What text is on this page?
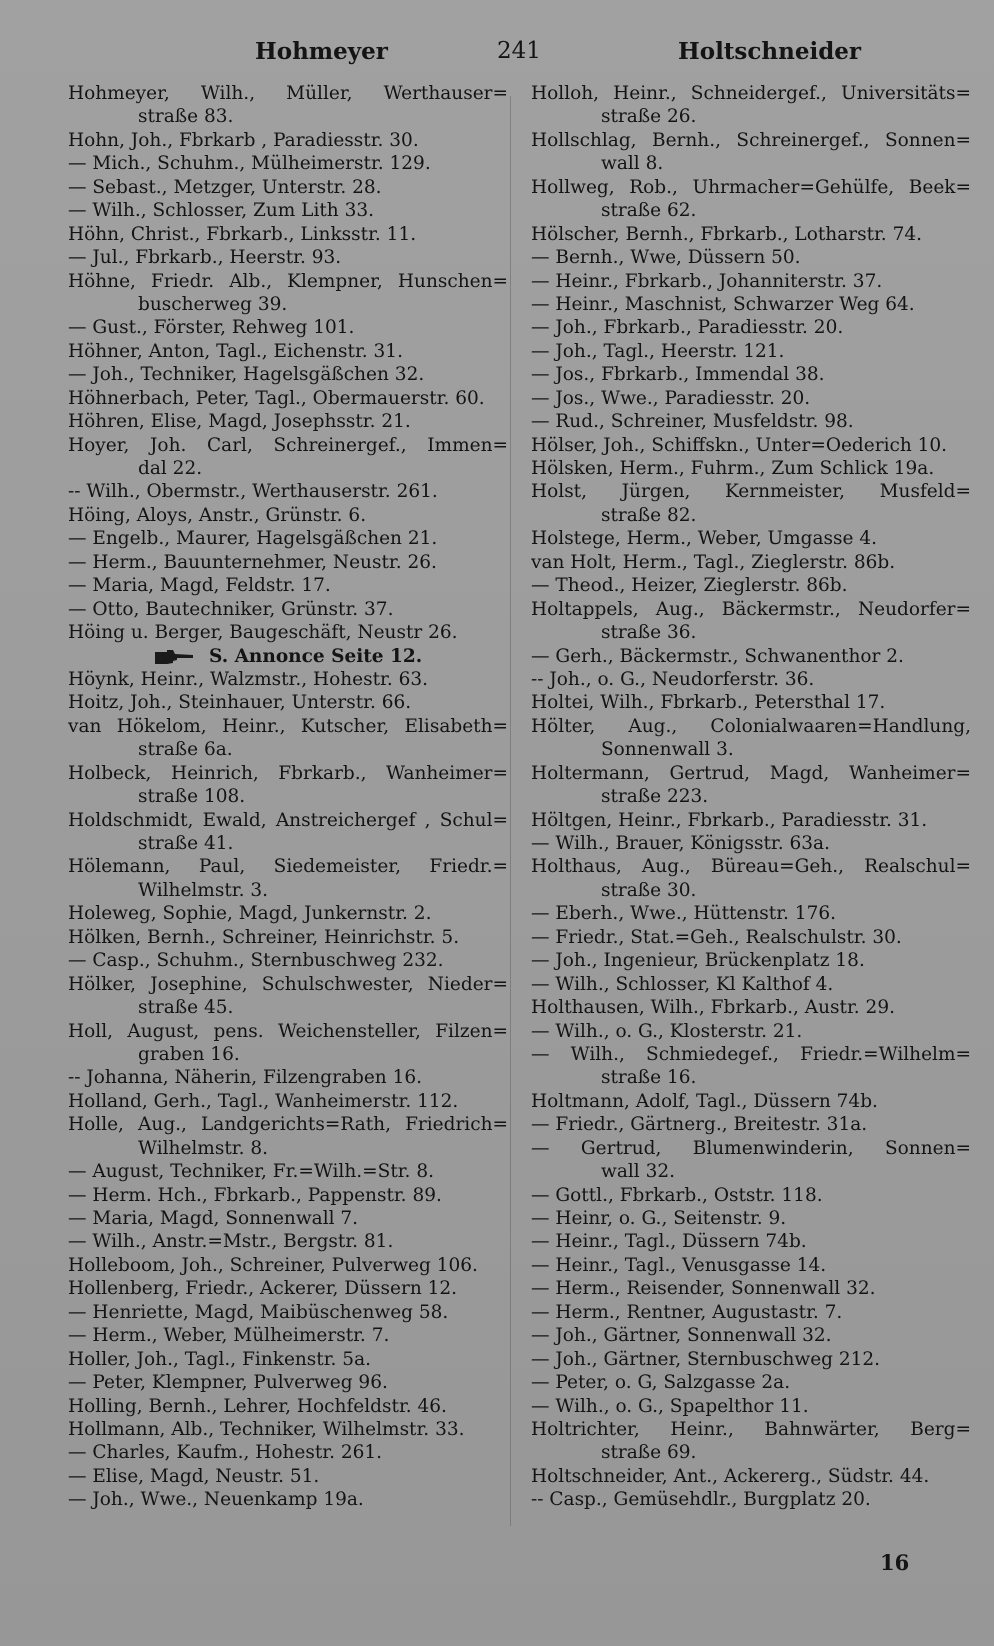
Hohmeyer	241	Holtschneider
Hohmeyer, Wilh., Müller, Werthauser=
straße 83.
Hohn, Joh., Fbrkarb , Paradiesstr. 30.
— Mich., Schuhm., Mülheimerstr. 129.
— Sebast., Metzger, Unterstr. 28.
— Wilh., Schlosser, Zum Lith 33.
Höhn, Christ., Fbrkarb., Linksstr. 11.
— Jul., Fbrkarb., Heerstr. 93.
Höhne, Friedr. Alb., Klempner, Hunschen=
buscherweg 39.
— Gust., Förster, Rehweg 101.
Höhner, Anton, Tagl., Eichenstr. 31.
— Joh., Techniker, Hagelsgäßchen 32.
Höhnerbach, Peter, Tagl., Obermauerstr. 60.
Höhren, Elise, Magd, Josephsstr. 21.
Hoyer, Joh. Carl, Schreinergef., Immen=
dal 22.
-- Wilh., Obermstr., Werthauserstr. 261.
Höing, Aloys, Anstr., Grünstr. 6.
— Engelb., Maurer, Hagelsgäßchen 21.
— Herm., Bauunternehmer, Neustr. 26.
— Maria, Magd, Feldstr. 17.
— Otto, Bautechniker, Grünstr. 37.
Höing u. Berger, Baugeschäft, Neustr 26.
S. Annonce Seite 12.
Höynk, Heinr., Walzmstr., Hohestr. 63.
Hoitz, Joh., Steinhauer, Unterstr. 66.
van Hökelom, Heinr., Kutscher, Elisabeth=
straße 6a.
Holbeck, Heinrich, Fbrkarb., Wanheimer=
straße 108.
Holdschmidt, Ewald, Anstreichergef , Schul=
straße 41.
Hölemann, Paul, Siedemeister, Friedr.=
Wilhelmstr. 3.
Holeweg, Sophie, Magd, Junkernstr. 2.
Hölken, Bernh., Schreiner, Heinrichstr. 5.
— Casp., Schuhm., Sternbuschweg 232.
Hölker, Josephine, Schulschwester, Nieder=
straße 45.
Holl, August, pens. Weichensteller, Filzen=
graben 16.
-- Johanna, Näherin, Filzengraben 16.
Holland, Gerh., Tagl., Wanheimerstr. 112.
Holle, Aug., Landgerichts=Rath, Friedrich=
Wilhelmstr. 8.
— August, Techniker, Fr.=Wilh.=Str. 8.
— Herm. Hch., Fbrkarb., Pappenstr. 89.
— Maria, Magd, Sonnenwall 7.
— Wilh., Anstr.=Mstr., Bergstr. 81.
Holleboom, Joh., Schreiner, Pulverweg 106.
Hollenberg, Friedr., Ackerer, Düssern 12.
— Henriette, Magd, Maibüschenweg 58.
— Herm., Weber, Mülheimerstr. 7.
Holler, Joh., Tagl., Finkenstr. 5a.
— Peter, Klempner, Pulverweg 96.
Holling, Bernh., Lehrer, Hochfeldstr. 46.
Hollmann, Alb., Techniker, Wilhelmstr. 33.
— Charles, Kaufm., Hohestr. 261.
— Elise, Magd, Neustr. 51.
— Joh., Wwe., Neuenkamp 19a.
Holloh, Heinr., Schneidergef., Universitäts=
straße 26.
Hollschlag, Bernh., Schreinergef., Sonnen=
wall 8.
Hollweg, Rob., Uhrmacher=Gehülfe, Beek=
straße 62.
Hölscher, Bernh., Fbrkarb., Lotharstr. 74.
— Bernh., Wwe, Düssern 50.
— Heinr., Fbrkarb., Johanniterstr. 37.
— Heinr., Maschnist, Schwarzer Weg 64.
— Joh., Fbrkarb., Paradiesstr. 20.
— Joh., Tagl., Heerstr. 121.
— Jos., Fbrkarb., Immendal 38.
— Jos., Wwe., Paradiesstr. 20.
— Rud., Schreiner, Musfeldstr. 98.
Hölser, Joh., Schiffskn., Unter=Oederich 10.
Hölsken, Herm., Fuhrm., Zum Schlick 19a.
Holst, Jürgen, Kernmeister, Musfeld=
straße 82.
Holstege, Herm., Weber, Umgasse 4.
van Holt, Herm., Tagl., Zieglerstr. 86b.
— Theod., Heizer, Zieglerstr. 86b.
Holtappels, Aug., Bäckermstr., Neudorfer=
straße 36.
— Gerh., Bäckermstr., Schwanenthor 2.
-- Joh., o. G., Neudorferstr. 36.
Holtei, Wilh., Fbrkarb., Petersthal 17.
Hölter, Aug., Colonialwaaren=Handlung,
Sonnenwall 3.
Holtermann, Gertrud, Magd, Wanheimer=
straße 223.
Höltgen, Heinr., Fbrkarb., Paradiesstr. 31.
— Wilh., Brauer, Königsstr. 63a.
Holthaus, Aug., Büreau=Geh., Realschul=
straße 30.
— Eberh., Wwe., Hüttenstr. 176.
— Friedr., Stat.=Geh., Realschulstr. 30.
— Joh., Ingenieur, Brückenplatz 18.
— Wilh., Schlosser, Kl Kalthof 4.
Holthausen, Wilh., Fbrkarb., Austr. 29.
— Wilh., o. G., Klosterstr. 21.
— Wilh., Schmiedegef., Friedr.=Wilhelm=
straße 16.
Holtmann, Adolf, Tagl., Düssern 74b.
— Friedr., Gärtnerg., Breitestr. 31a.
— Gertrud, Blumenwinderin, Sonnen=
wall 32.
— Gottl., Fbrkarb., Oststr. 118.
— Heinr, o. G., Seitenstr. 9.
— Heinr., Tagl., Düssern 74b.
— Heinr., Tagl., Venusgasse 14.
— Herm., Reisender, Sonnenwall 32.
— Herm., Rentner, Augustastr. 7.
— Joh., Gärtner, Sonnenwall 32.
— Joh., Gärtner, Sternbuschweg 212.
— Peter, o. G, Salzgasse 2a.
— Wilh., o. G., Spapelthor 11.
Holtrichter, Heinr., Bahnwärter, Berg=
straße 69.
Holtschneider, Ant., Ackererg., Südstr. 44.
-- Casp., Gemüsehdlr., Burgplatz 20.
16
